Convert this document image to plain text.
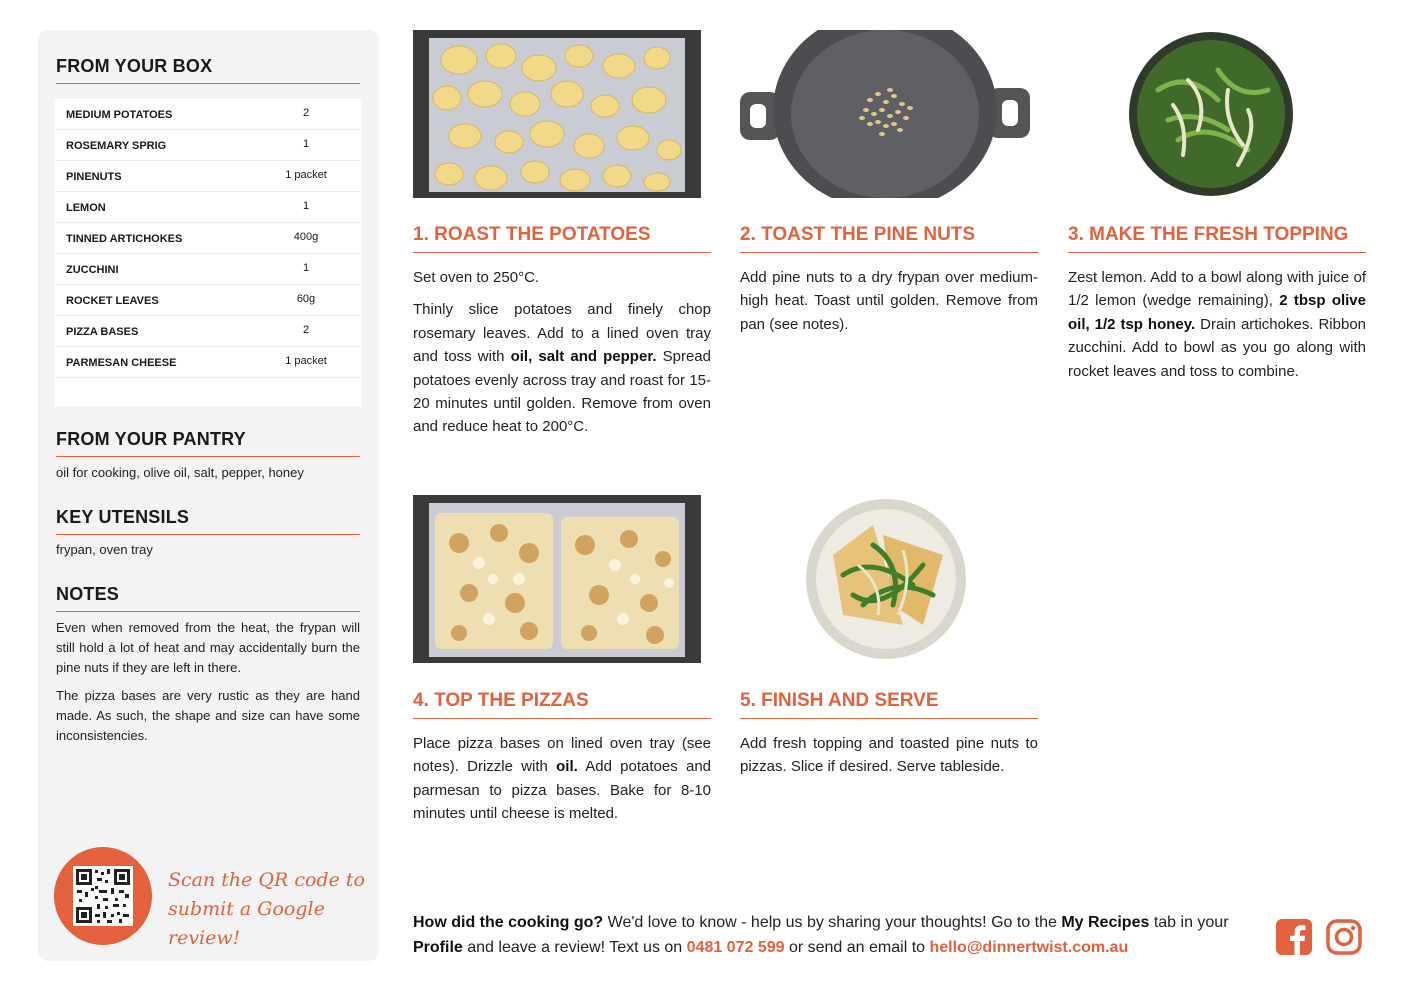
FROM YOUR BOX
MEDIUM POTATOES	2
ROSEMARY SPRIG	1
PINENUTS	1 packet
LEMON	1
TINNED ARTICHOKES	400g
ZUCCHINI	1
ROCKET LEAVES	60g
PIZZA BASES	2
PARMESAN CHEESE	1 packet
FROM YOUR PANTRY
oil for cooking, olive oil, salt, pepper, honey
KEY UTENSILS
frypan, oven tray
NOTES
Even when removed from the heat, the frypan will still hold a lot of heat and may accidentally burn the pine nuts if they are left in there.
The pizza bases are very rustic as they are hand made. As such, the shape and size can have some inconsistencies.
Scan the QR code to
submit a Google review!
1. ROAST THE POTATOES

Set oven to 250°C.

Thinly slice potatoes and finely chop rosemary leaves. Add to a lined oven tray and toss with oil, salt and pepper. Spread potatoes evenly across tray and roast for 15-20 minutes until golden. Remove from oven and reduce heat to 200°C.

2. TOAST THE PINE NUTS

Add pine nuts to a dry frypan over medium-high heat. Toast until golden. Remove from pan (see notes).

3. MAKE THE FRESH TOPPING

Zest lemon. Add to a bowl along with juice of 1/2 lemon (wedge remaining), 2 tbsp olive oil, 1/2 tsp honey. Drain artichokes. Ribbon zucchini. Add to bowl as you go along with rocket leaves and toss to combine.

4. TOP THE PIZZAS

Place pizza bases on lined oven tray (see notes). Drizzle with oil. Add potatoes and parmesan to pizza bases. Bake for 8-10 minutes until cheese is melted.

5. FINISH AND SERVE

Add fresh topping and toasted pine nuts to pizzas. Slice if desired. Serve tableside.

How did the cooking go? We'd love to know - help us by sharing your thoughts! Go to the My Recipes tab in your Profile and leave a review! Text us on 0481 072 599 or send an email to hello@dinnertwist.com.au
